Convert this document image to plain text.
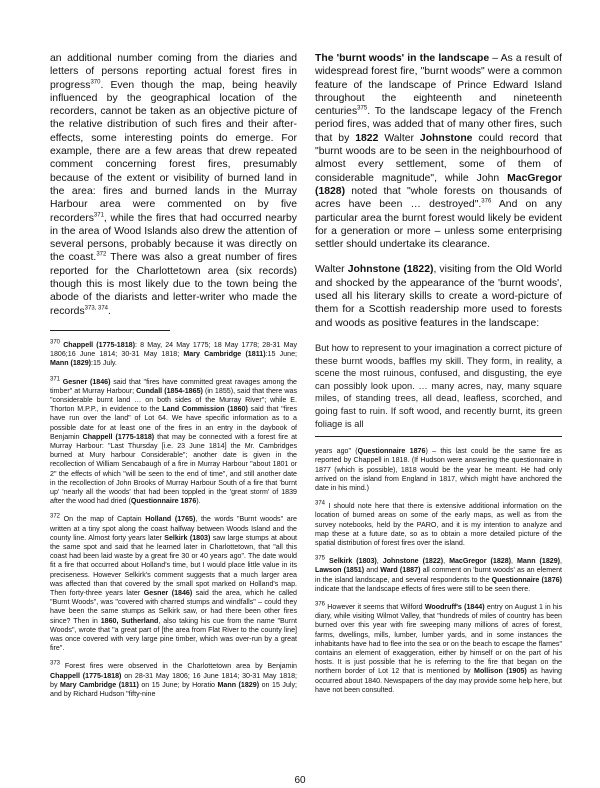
an additional number coming from the diaries and letters of persons reporting actual forest fires in progress$^{370}$. Even though the map, being heavily influenced by the geographical location of the recorders, cannot be taken as an objective picture of the relative distribution of such fires and their after-effects, some interesting points do emerge. For example, there are a few areas that drew repeated comment concerning forest fires, presumably because of the extent or visibility of burned land in the area: fires and burned lands in the Murray Harbour area were commented on by five recorders$^{371}$, while the fires that had occurred nearby in the area of Wood Islands also drew the attention of several persons, probably because it was directly on the coast.$^{372}$ There was also a great number of fires reported for the Charlottetown area (six records) though this is most likely due to the town being the abode of the diarists and letter-writer who made the records$^{373, 374}$.

$^{370}$ Chappell (1775-1818): 8 May, 24 May 1775; 18 May 1778; 28-31 May 1806;16 June 1814; 30-31 May 1818; Mary Cambridge (1811):15 June; Mann (1829):15 July.

$^{371}$ Gesner (1846) said that "fires have committed great ravages among the timber" at Murray Harbour; Cundall (1854-1865) (in 1855), said that there was "considerable burnt land … on both sides of the Murray River"; while E. Thorton M.P.P., in evidence to the Land Commission (1860) said that "fires have run over the land" of Lot 64. We have specific information as to a possible date for at least one of the fires in an entry in the daybook of Benjamin Chappell (1775-1818) that may be connected with a forest fire at Murray Harbour: "Last Thursday [i.e. 23 June 1814] the Mr. Cambridges burned at Mury harbour Considerable"; another date is given in the recollection of William Sencabaugh of a fire in Murray Harbour "about 1801 or 2" the effects of which "will be seen to the end of time", and still another date in the recollection of John Brooks of Murray Harbour South of a fire that 'burnt up' 'nearly all the woods' that had been toppled in the 'great storm' of 1839 after the wood had dried (Questionnaire 1876).

$^{372}$ On the map of Captain Holland (1765), the words "Burnt woods" are written at a tiny spot along the coast halfway between Woods Island and the county line. Almost forty years later Selkirk (1803) saw large stumps at about the same spot and said that he learned later in Charlottetown, that "all this coast had been laid waste by a great fire 30 or 40 years ago". The date would fit a fire that occurred about Holland's time, but I would place little value in its preciseness. However Selkirk's comment suggests that a much larger area was affected than that covered by the small spot marked on Holland's map. Then forty-three years later Gesner (1846) said the area, which he called "Burnt Woods", was "covered with charred stumps and windfalls" – could they have been the same stumps as Selkirk saw, or had there been other fires since? Then in 1860, Sutherland, also taking his cue from the name "Burnt Woods", wrote that "a great part of [the area from Flat River to the county line] was once covered with very large pine timber, which was over-run by a great fire".

$^{373}$ Forest fires were observed in the Charlottetown area by Benjamin Chappell (1775-1818) on 28-31 May 1806; 16 June 1814; 30-31 May 1818; by Mary Cambridge (1811) on 15 June; by Horatio Mann (1829) on 15 July; and by Richard Hudson "fifty-nine

The 'burnt woods' in the landscape – As a result of widespread forest fire, "burnt woods" were a common feature of the landscape of Prince Edward Island throughout the eighteenth and nineteenth centuries$^{375}$. To the landscape legacy of the French period fires, was added that of many other fires, such that by 1822 Walter Johnstone could record that "burnt woods are to be seen in the neighbourhood of almost every settlement, some of them of considerable magnitude", while John MacGregor (1828) noted that "whole forests on thousands of acres have been … destroyed".$^{376}$ And on any particular area the burnt forest would likely be evident for a generation or more – unless some enterprising settler should undertake its clearance.

Walter Johnstone (1822), visiting from the Old World and shocked by the appearance of the 'burnt woods', used all his literary skills to create a word-picture of them for a Scottish readership more used to forests and woods as positive features in the landscape:

But how to represent to your imagination a correct picture of these burnt woods, baffles my skill. They form, in reality, a scene the most ruinous, confused, and disgusting, the eye can possibly look upon. … many acres, nay, many square miles, of standing trees, all dead, leafless, scorched, and going fast to ruin. If soft wood, and recently burnt, its green foliage is all

years ago" (Questionnaire 1876) – this last could be the same fire as reported by Chappell in 1818. (If Hudson were answering the questionnaire in 1877 (which is possible), 1818 would be the year he meant. He had only arrived on the island from England in 1817, which might have anchored the date in his mind.)

$^{374}$ I should note here that there is extensive additional information on the location of burned areas on some of the early maps, as well as from the survey notebooks, held by the PARO, and it is my intention to analyze and map these at a future date, so as to obtain a more detailed picture of the spatial distribution of forest fires over the island.

$^{375}$ Selkirk (1803), Johnstone (1822), MacGregor (1828), Mann (1829), Lawson (1851) and Ward (1887) all comment on 'burnt woods' as an element in the island landscape, and several respondents to the Questionnaire (1876) indicate that the landscape effects of fires were still to be seen there.

$^{376}$ However it seems that Wilford Woodruff's (1844) entry on August 1 in his diary, while visiting Wilmot Valley, that "hundreds of miles of country has been burned over this year with fire sweeping many millions of acres of forest, farms, dwellings, mills, lumber, lumber yards, and in some instances the inhabitants have had to flee into the sea or on the beach to escape the flames" contains an element of exaggeration, either by himself or on the part of his hosts. It is just possible that he is referring to the fire that began on the northern border of Lot 12 that is mentioned by Mollison (1905) as having occurred about 1840. Newspapers of the day may provide some help here, but have not been consulted.

60
